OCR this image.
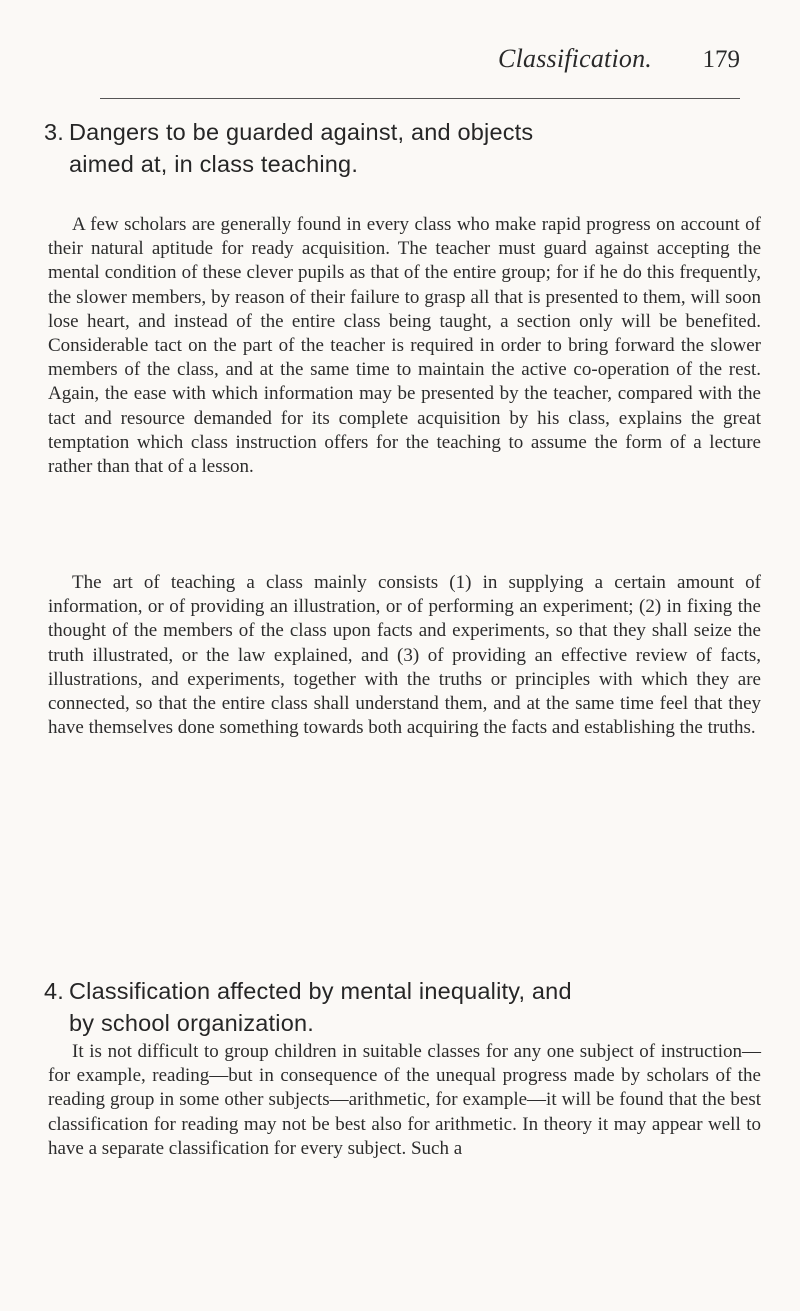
Classification. 179
3. Dangers to be guarded against, and objects
aimed at, in class teaching.

A few scholars are generally found in every class who make rapid progress on account of their natural aptitude for ready acquisition. The teacher must guard against accepting the mental condition of these clever pupils as that of the entire group; for if he do this frequently, the slower members, by reason of their failure to grasp all that is presented to them, will soon lose heart, and instead of the entire class being taught, a section only will be benefited. Considerable tact on the part of the teacher is required in order to bring forward the slower members of the class, and at the same time to maintain the active co-operation of the rest. Again, the ease with which information may be presented by the teacher, compared with the tact and resource demanded for its complete acquisition by his class, explains the great temptation which class instruction offers for the teaching to assume the form of a lecture rather than that of a lesson.

The art of teaching a class mainly consists (1) in supplying a certain amount of information, or of providing an illustration, or of performing an experiment; (2) in fixing the thought of the members of the class upon facts and experiments, so that they shall seize the truth illustrated, or the law explained, and (3) of providing an effective review of facts, illustrations, and experiments, together with the truths or principles with which they are connected, so that the entire class shall understand them, and at the same time feel that they have themselves done something towards both acquiring the facts and establishing the truths.

4. Classification affected by mental inequality, and
by school organization.

It is not difficult to group children in suitable classes for any one subject of instruction—for example, reading—but in consequence of the unequal progress made by scholars of the reading group in some other subjects—arithmetic, for example—it will be found that the best classification for reading may not be best also for arithmetic. In theory it may appear well to have a separate classification for every subject. Such a
